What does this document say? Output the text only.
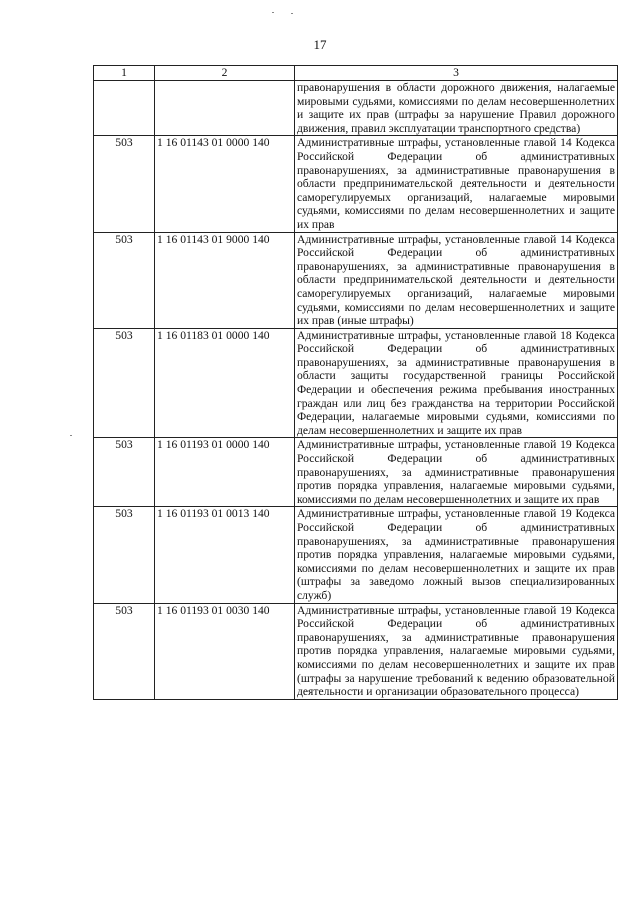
17
1	2	3
		правонарушения в области дорожного движения, налагаемые мировыми судьями, комиссиями по делам несовершеннолетних и защите их прав (штрафы за нарушение Правил дорожного движения, правил эксплуатации транспортного средства)
503	1 16 01143 01 0000 140	Административные штрафы, установленные главой 14 Кодекса Российской Федерации об административных правонарушениях, за административные правонарушения в области предпринимательской деятельности и деятельности саморегулируемых организаций, налагаемые мировыми судьями, комиссиями по делам несовершеннолетних и защите их прав
503	1 16 01143 01 9000 140	Административные штрафы, установленные главой 14 Кодекса Российской Федерации об административных правонарушениях, за административные правонарушения в области предпринимательской деятельности и деятельности саморегулируемых организаций, налагаемые мировыми судьями, комиссиями по делам несовершеннолетних и защите их прав (иные штрафы)
503	1 16 01183 01 0000 140	Административные штрафы, установленные главой 18 Кодекса Российской Федерации об административных правонарушениях, за административные правонарушения в области защиты государственной границы Российской Федерации и обеспечения режима пребывания иностранных граждан или лиц без гражданства на территории Российской Федерации, налагаемые мировыми судьями, комиссиями по делам несовершеннолетних и защите их прав
503	1 16 01193 01 0000 140	Административные штрафы, установленные главой 19 Кодекса Российской Федерации об административных правонарушениях, за административные правонарушения против порядка управления, налагаемые мировыми судьями, комиссиями по делам несовершеннолетних и защите их прав
503	1 16 01193 01 0013 140	Административные штрафы, установленные главой 19 Кодекса Российской Федерации об административных правонарушениях, за административные правонарушения против порядка управления, налагаемые мировыми судьями, комиссиями по делам несовершеннолетних и защите их прав (штрафы за заведомо ложный вызов специализированных служб)
503	1 16 01193 01 0030 140	Административные штрафы, установленные главой 19 Кодекса Российской Федерации об административных правонарушениях, за административные правонарушения против порядка управления, налагаемые мировыми судьями, комиссиями по делам несовершеннолетних и защите их прав (штрафы за нарушение требований к ведению образовательной деятельности и организации образовательного процесса)
